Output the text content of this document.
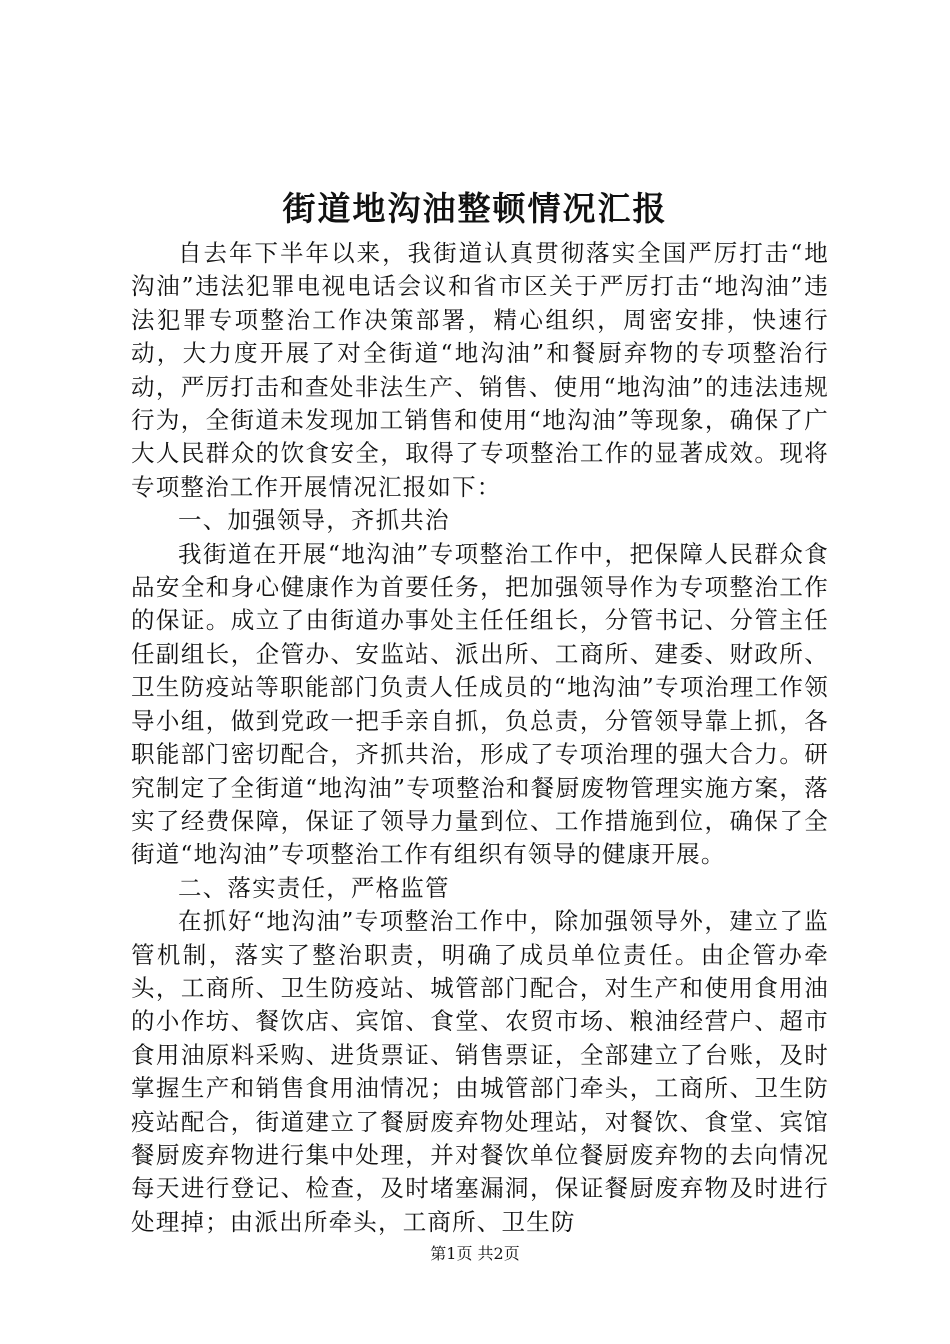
街道地沟油整顿情况汇报

自去年下半年以来，我街道认真贯彻落实全国严厉打击“地沟油”违法犯罪电视电话会议和省市区关于严厉打击“地沟油”违法犯罪专项整治工作决策部署，精心组织，周密安排，快速行动，大力度开展了对全街道“地沟油”和餐厨弃物的专项整治行动，严厉打击和查处非法生产、销售、使用“地沟油”的违法违规行为，全街道未发现加工销售和使用“地沟油”等现象，确保了广大人民群众的饮食安全，取得了专项整治工作的显著成效。现将专项整治工作开展情况汇报如下：

一、加强领导，齐抓共治

我街道在开展“地沟油”专项整治工作中，把保障人民群众食品安全和身心健康作为首要任务，把加强领导作为专项整治工作的保证。成立了由街道办事处主任任组长，分管书记、分管主任任副组长，企管办、安监站、派出所、工商所、建委、财政所、卫生防疫站等职能部门负责人任成员的“地沟油”专项治理工作领导小组，做到党政一把手亲自抓，负总责，分管领导靠上抓，各职能部门密切配合，齐抓共治，形成了专项治理的强大合力。研究制定了全街道“地沟油”专项整治和餐厨废物管理实施方案，落实了经费保障，保证了领导力量到位、工作措施到位，确保了全街道“地沟油”专项整治工作有组织有领导的健康开展。

二、落实责任，严格监管

在抓好“地沟油”专项整治工作中，除加强领导外，建立了监管机制，落实了整治职责，明确了成员单位责任。由企管办牵头，工商所、卫生防疫站、城管部门配合，对生产和使用食用油的小作坊、餐饮店、宾馆、食堂、农贸市场、粮油经营户、超市食用油原料采购、进货票证、销售票证，全部建立了台账，及时掌握生产和销售食用油情况；由城管部门牵头，工商所、卫生防疫站配合，街道建立了餐厨废弃物处理站，对餐饮、食堂、宾馆餐厨废弃物进行集中处理，并对餐饮单位餐厨废弃物的去向情况每天进行登记、检查，及时堵塞漏洞，保证餐厨废弃物及时进行处理掉；由派出所牵头，工商所、卫生防

第1页 共2页
